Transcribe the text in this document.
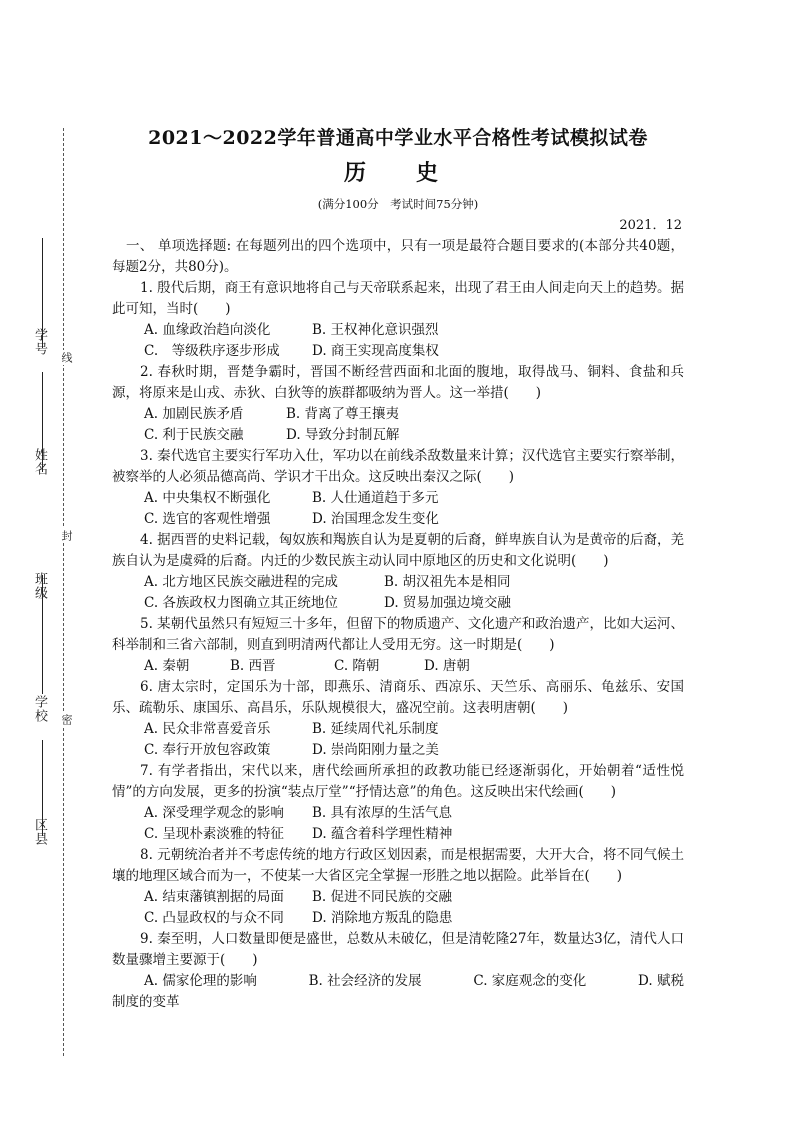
学号
姓名
班级
学校
区县
线
封
密
2021～2022学年普通高中学业水平合格性考试模拟试卷
历　史
(满分100分　考试时间75分钟)
2021．12
一、 单项选择题: 在每题列出的四个选项中，只有一项是最符合题目要求的(本部分共40题，每题2分，共80分)。
1. 殷代后期，商王有意识地将自己与天帝联系起来，出现了君王由人间走向天上的趋势。据此可知，当时(　　)
A. 血缘政治趋向淡化	B. 王权神化意识强烈
C.　等级秩序逐步形成	D. 商王实现高度集权
2. 春秋时期，晋楚争霸时，晋国不断经营西面和北面的腹地，取得战马、铜料、食盐和兵源，将原来是山戎、赤狄、白狄等的族群都吸纳为晋人。这一举措(　　)
A. 加剧民族矛盾	B. 背离了尊王攘夷
C. 利于民族交融	D. 导致分封制瓦解
3. 秦代选官主要实行军功入仕，军功以在前线杀敌数量来计算；汉代选官主要实行察举制，被察举的人必须品德高尚、学识才干出众。这反映出秦汉之际(　　)
A. 中央集权不断强化	B. 人仕通道趋于多元
C. 选官的客观性增强	D. 治国理念发生变化
4. 据西晋的史料记载，匈奴族和羯族自认为是夏朝的后裔，鲜卑族自认为是黄帝的后裔，羌族自认为是虞舜的后裔。内迁的少数民族主动认同中原地区的历史和文化说明(　　)
A. 北方地区民族交融进程的完成	B. 胡汉祖先本是相同
C. 各族政权力图确立其正统地位	D. 贸易加强边境交融
5. 某朝代虽然只有短短三十多年，但留下的物质遗产、文化遗产和政治遗产，比如大运河、科举制和三省六部制，则直到明清两代都让人受用无穷。这一时期是(　　)
A. 秦朝	B. 西晋	C. 隋朝	D. 唐朝
6. 唐太宗时，定国乐为十部，即燕乐、清商乐、西凉乐、天竺乐、高丽乐、龟兹乐、安国乐、疏勒乐、康国乐、高昌乐，乐队规模很大，盛况空前。这表明唐朝(　　)
A. 民众非常喜爱音乐	B. 延续周代礼乐制度
C. 奉行开放包容政策	D. 崇尚阳刚力量之美
7. 有学者指出，宋代以来，唐代绘画所承担的政教功能已经逐渐弱化，开始朝着“适性悦情”的方向发展，更多的扮演“装点厅堂”“抒情达意”的角色。这反映出宋代绘画(　　)
A. 深受理学观念的影响	B. 具有浓厚的生活气息
C. 呈现朴素淡雅的特征	D. 蕴含着科学理性精神
8. 元朝统治者并不考虑传统的地方行政区划因素，而是根据需要，大开大合，将不同气候土壤的地理区域合而为一，不使某一大省区完全掌握一形胜之地以据险。此举旨在(　　)
A. 结束藩镇割据的局面	B. 促进不同民族的交融
C. 凸显政权的与众不同	D. 消除地方叛乱的隐患
9. 秦至明，人口数量即便是盛世，总数从未破亿，但是清乾隆27年，数量达3亿，清代人口数量骤增主要源于(　　)
A. 儒家伦理的影响	B. 社会经济的发展	C. 家庭观念的变化	D. 赋税
制度的变革
